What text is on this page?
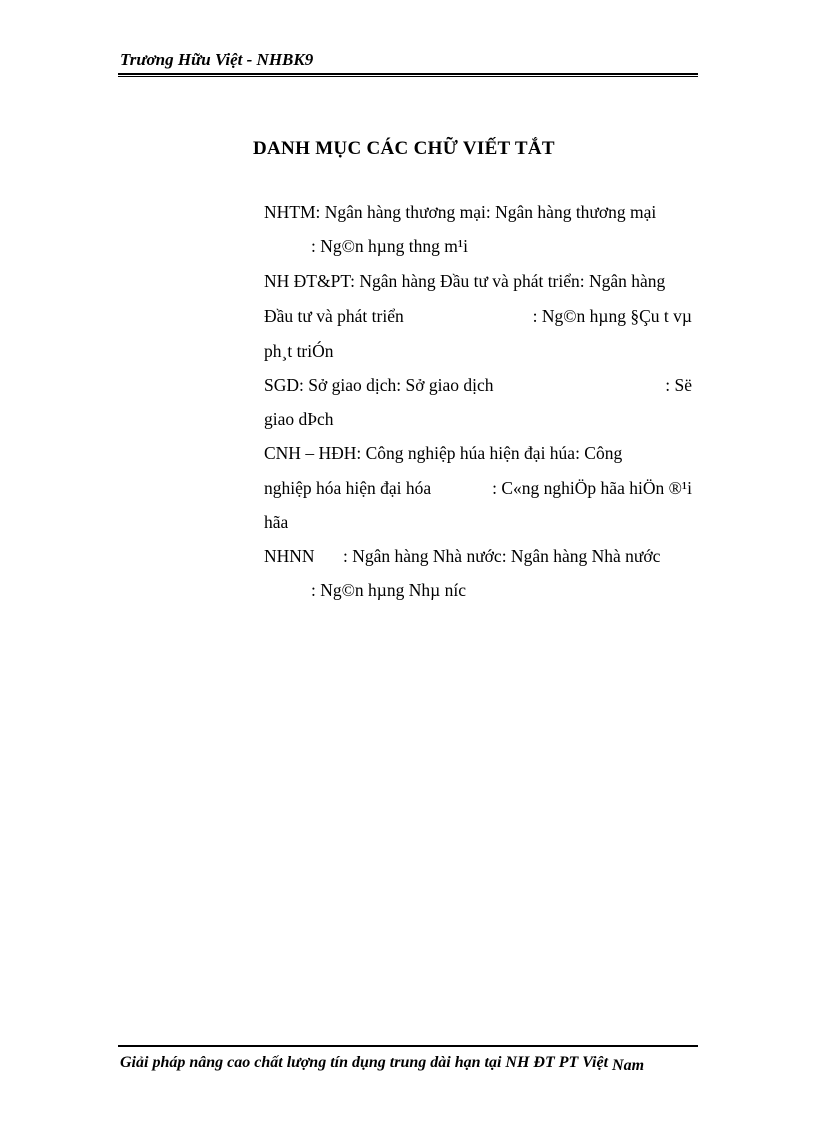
Trương Hữu Việt - NHBK9
DANH MỤC CÁC CHỮ VIẾT TẮT
NHTM: Ngân hàng thương mại: Ngân hàng thương mại
: Ng©n hµng thng m¹i
NH ĐT&PT: Ngân hàng Đầu tư và phát triển: Ngân hàng
Đầu tư và phát triển	: Ng©n hµng §Çu t vµ
ph¸t triÓn
SGD: Sở giao dịch: Sở giao dịch	: Së
giao dÞch
CNH – HĐH: Công nghiệp húa hiện đại húa: Công
nghiệp hóa hiện đại hóa	: C«ng nghiÖp hãa hiÖn ®¹i
hãa
NHNN : Ngân hàng Nhà nước: Ngân hàng Nhà nước
: Ng©n hµng Nhµ níc
Giải pháp nâng cao chất lượng tín dụng trung dài hạn tại NH ĐT PT Việt Nam
